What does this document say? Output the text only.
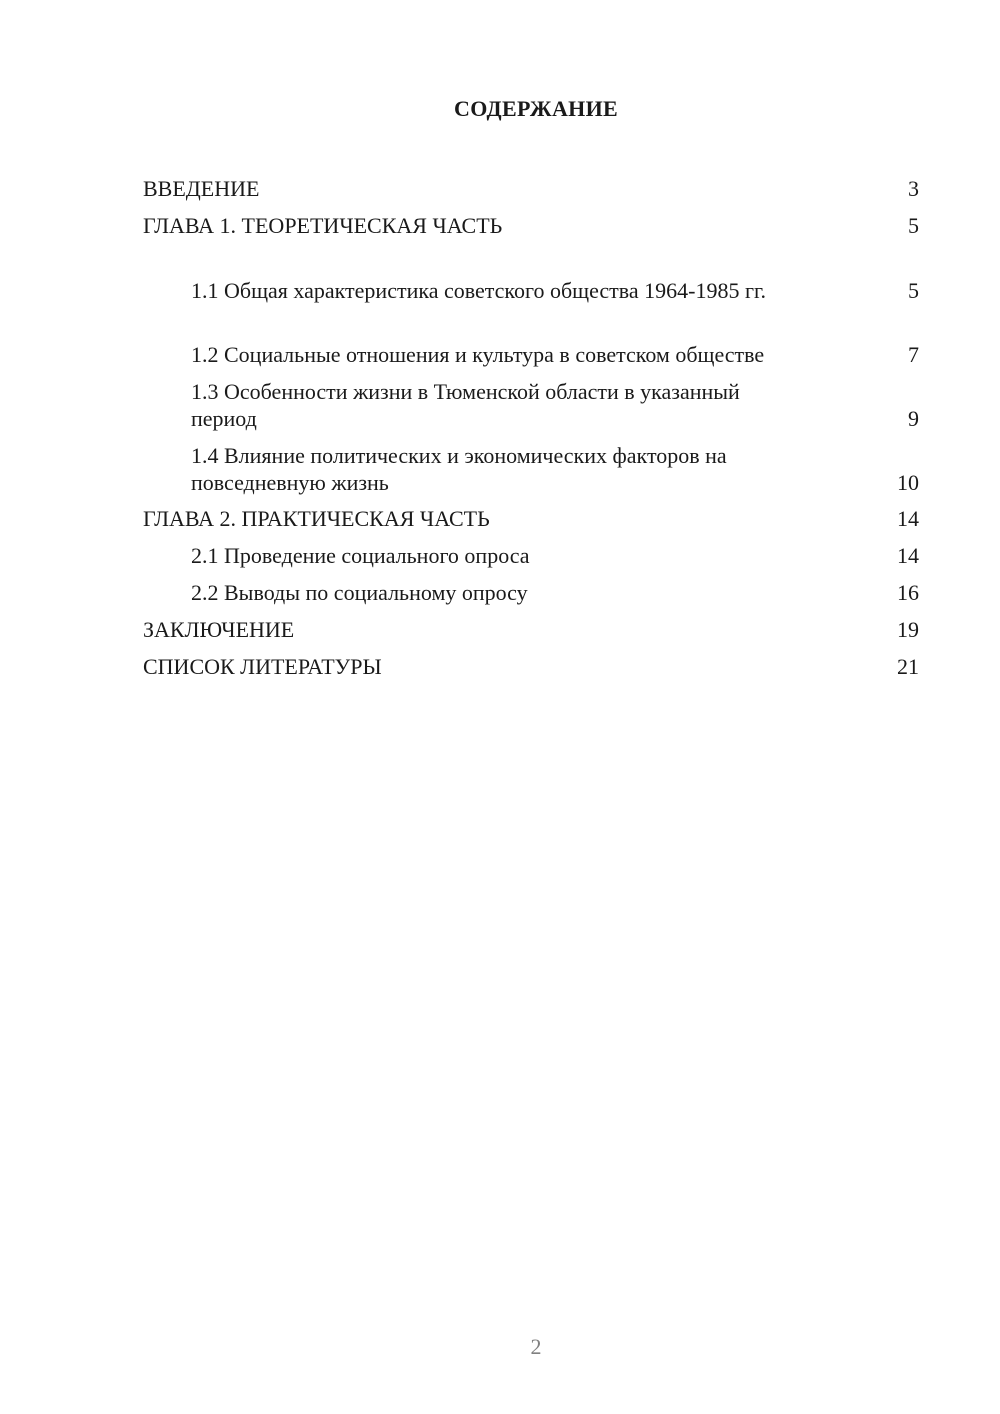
СОДЕРЖАНИЕ
ВВЕДЕНИЕ	3
ГЛАВА 1. ТЕОРЕТИЧЕСКАЯ ЧАСТЬ	5
1.1 Общая характеристика советского общества 1964-1985 гг.	5
1.2 Социальные отношения и культура в советском обществе	7
1.3 Особенности жизни в Тюменской области в указанный период	9
1.4 Влияние политических и экономических факторов на повседневную жизнь	10
ГЛАВА 2. ПРАКТИЧЕСКАЯ ЧАСТЬ	14
2.1 Проведение социального опроса	14
2.2 Выводы по социальному опросу	16
ЗАКЛЮЧЕНИЕ	19
СПИСОК ЛИТЕРАТУРЫ	21
2
